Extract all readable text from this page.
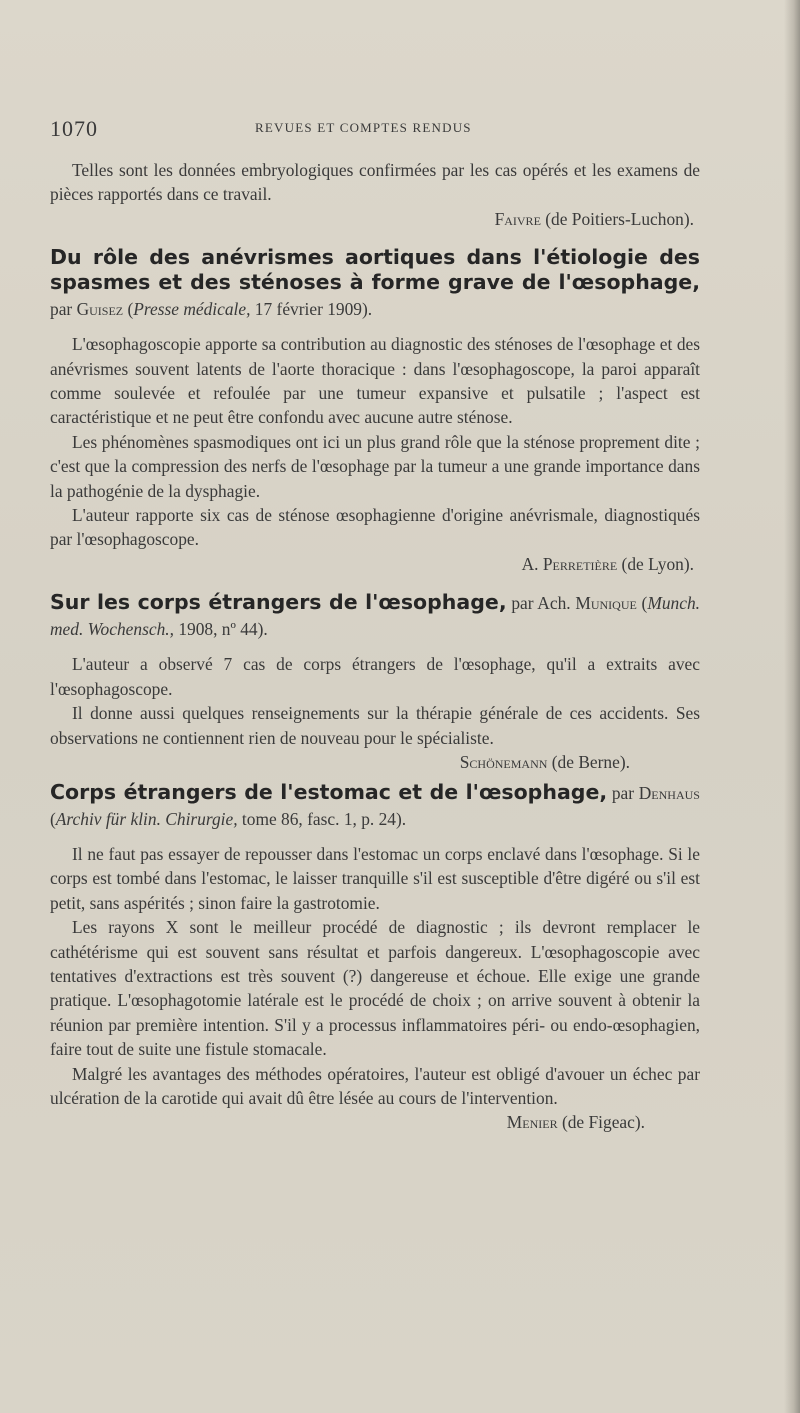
1070	REVUES ET COMPTES RENDUS

Telles sont les données embryologiques confirmées par les cas opérés et les examens de pièces rapportés dans ce travail.

Faivre (de Poitiers-Luchon).

Du rôle des anévrismes aortiques dans l'étiologie des spasmes et des sténoses à forme grave de l'œsophage, par Guisez (Presse médicale, 17 février 1909).

L'œsophagoscopie apporte sa contribution au diagnostic des sténoses de l'œsophage et des anévrismes souvent latents de l'aorte thoracique : dans l'œsophagoscope, la paroi apparaît comme soulevée et refoulée par une tumeur expansive et pulsatile ; l'aspect est caractéristique et ne peut être confondu avec aucune autre sténose.

Les phénomènes spasmodiques ont ici un plus grand rôle que la sténose proprement dite ; c'est que la compression des nerfs de l'œsophage par la tumeur a une grande importance dans la pathogénie de la dysphagie.

L'auteur rapporte six cas de sténose œsophagienne d'origine anévrismale, diagnostiqués par l'œsophagoscope.

A. Perretière (de Lyon).

Sur les corps étrangers de l'œsophage, par Ach. Munique (Munch. med. Wochensch., 1908, nº 44).

L'auteur a observé 7 cas de corps étrangers de l'œsophage, qu'il a extraits avec l'œsophagoscope.

Il donne aussi quelques renseignements sur la thérapie générale de ces accidents. Ses observations ne contiennent rien de nouveau pour le spécialiste.
Schönemann (de Berne).

Corps étrangers de l'estomac et de l'œsophage, par Denhaus (Archiv für klin. Chirurgie, tome 86, fasc. 1, p. 24).

Il ne faut pas essayer de repousser dans l'estomac un corps enclavé dans l'œsophage. Si le corps est tombé dans l'estomac, le laisser tranquille s'il est susceptible d'être digéré ou s'il est petit, sans aspérités ; sinon faire la gastrotomie.

Les rayons X sont le meilleur procédé de diagnostic ; ils devront remplacer le cathétérisme qui est souvent sans résultat et parfois dangereux. L'œsophagoscopie avec tentatives d'extractions est très souvent (?) dangereuse et échoue. Elle exige une grande pratique. L'œsophagotomie latérale est le procédé de choix ; on arrive souvent à obtenir la réunion par première intention. S'il y a processus inflammatoires péri- ou endo-œsophagien, faire tout de suite une fistule stomacale.

Malgré les avantages des méthodes opératoires, l'auteur est obligé d'avouer un échec par ulcération de la carotide qui avait dû être lésée au cours de l'intervention.
Menier (de Figeac).
